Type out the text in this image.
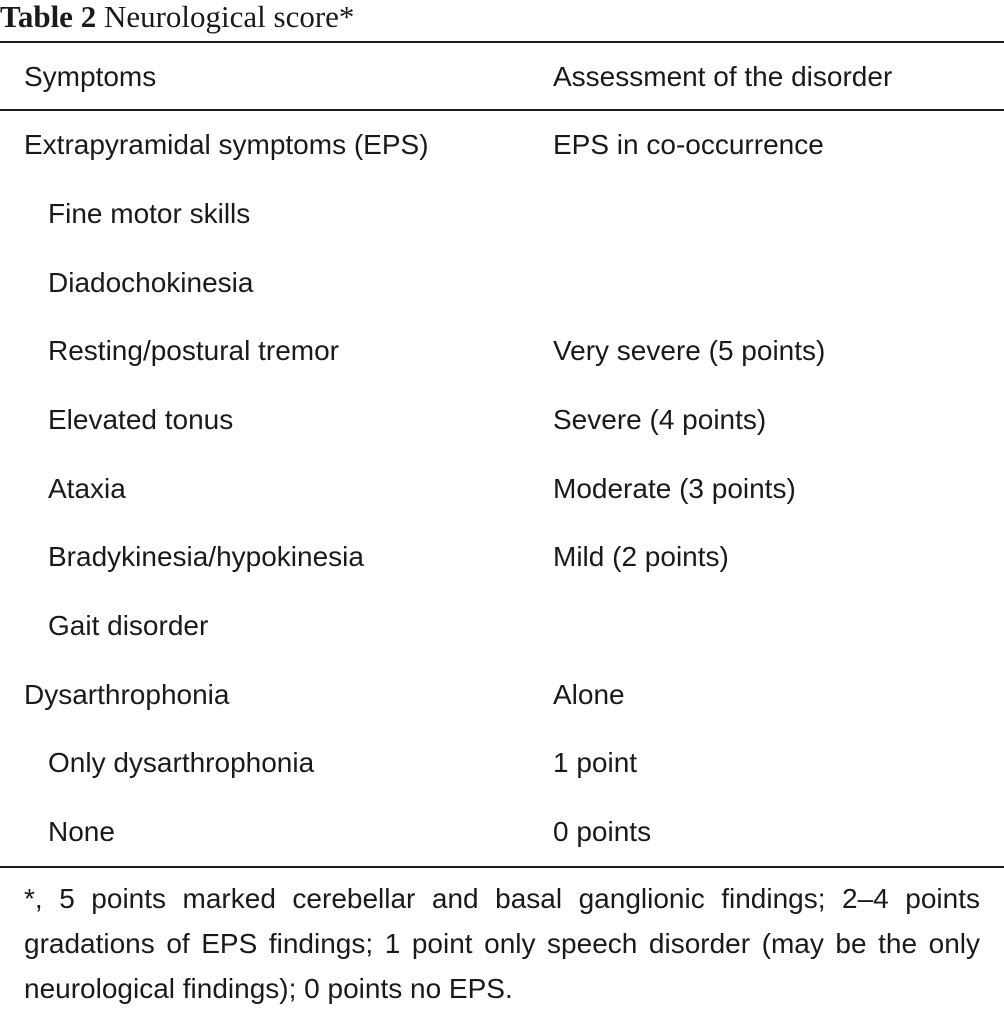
Table 2 Neurological score*
Symptoms	Assessment of the disorder
Extrapyramidal symptoms (EPS)	EPS in co-occurrence
Fine motor skills
Diadochokinesia
Resting/postural tremor	Very severe (5 points)
Elevated tonus	Severe (4 points)
Ataxia	Moderate (3 points)
Bradykinesia/hypokinesia	Mild (2 points)
Gait disorder
Dysarthrophonia	Alone
Only dysarthrophonia	1 point
None	0 points
*, 5 points marked cerebellar and basal ganglionic findings; 2–4 points gradations of EPS findings; 1 point only speech disorder (may be the only neurological findings); 0 points no EPS.
